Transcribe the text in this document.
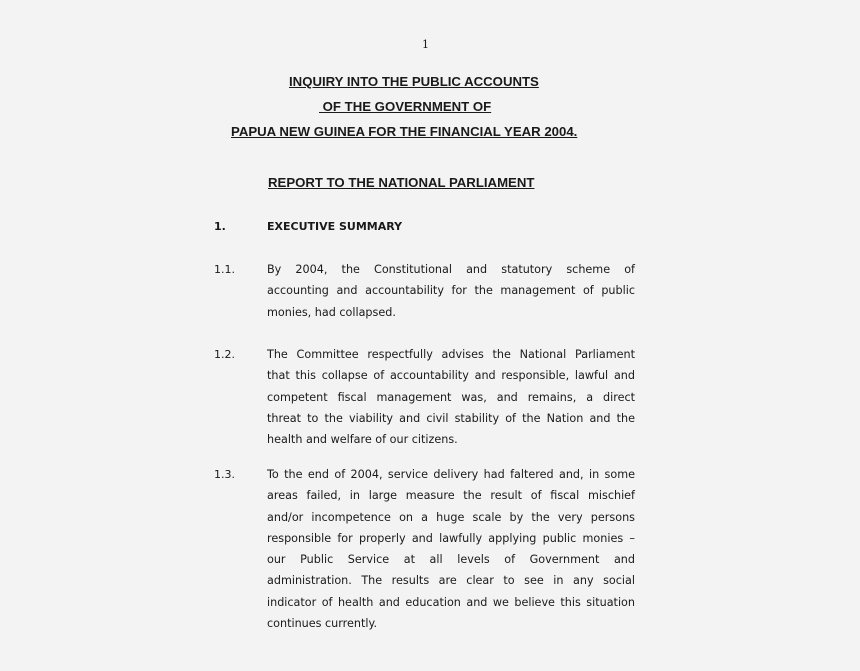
1
INQUIRY INTO THE PUBLIC ACCOUNTS
OF THE GOVERNMENT OF
PAPUA NEW GUINEA FOR THE FINANCIAL YEAR 2004.
REPORT TO THE NATIONAL PARLIAMENT
1.	EXECUTIVE SUMMARY
1.1.	By 2004, the Constitutional and statutory scheme of
accounting and accountability for the management of public
monies, had collapsed.
1.2.	The Committee respectfully advises the National Parliament
that this collapse of accountability and responsible, lawful and
competent fiscal management was, and remains, a direct
threat to the viability and civil stability of the Nation and the
health and welfare of our citizens.
1.3.	To the end of 2004, service delivery had faltered and, in some
areas failed, in large measure the result of fiscal mischief
and/or incompetence on a huge scale by the very persons
responsible for properly and lawfully applying public monies –
our Public Service at all levels of Government and
administration. The results are clear to see in any social
indicator of health and education and we believe this situation
continues currently.
